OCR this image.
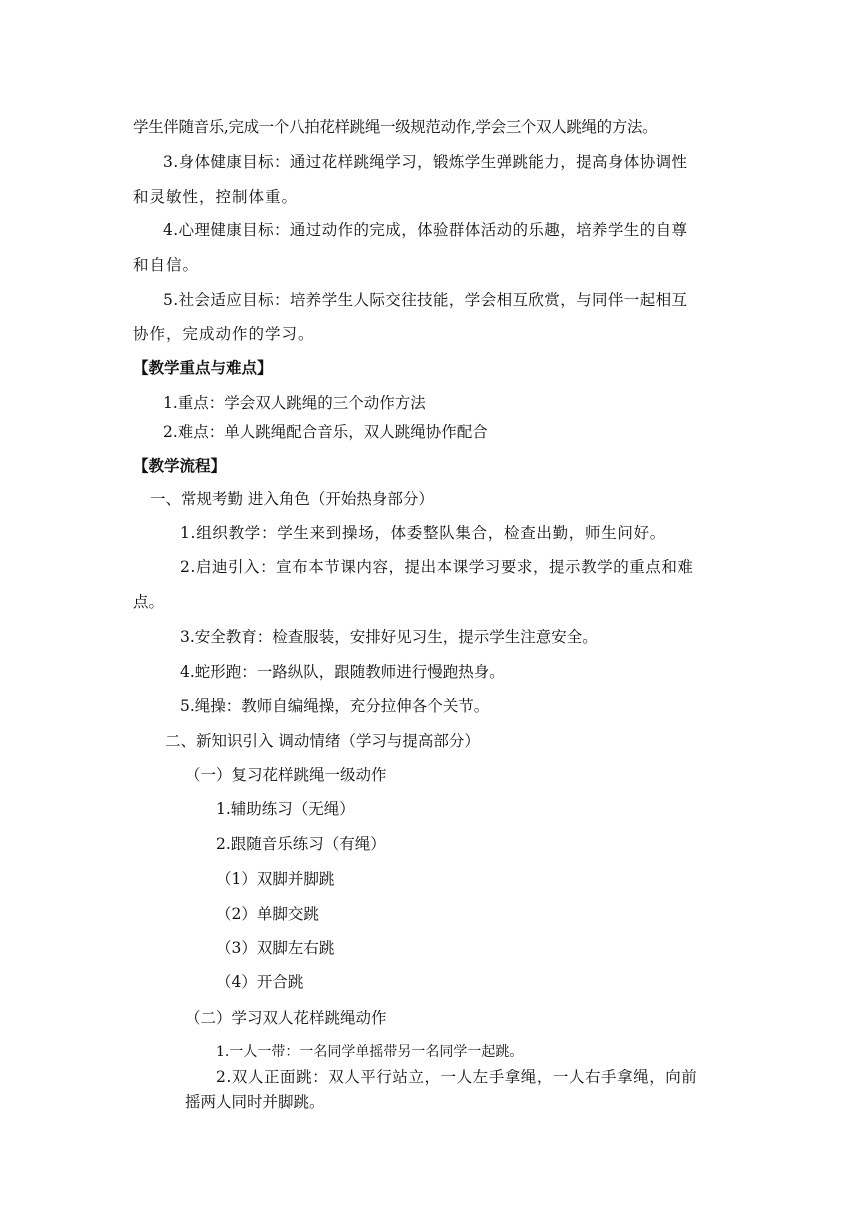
学生伴随音乐,完成一个八拍花样跳绳一级规范动作,学会三个双人跳绳的方法。
3.身体健康目标：通过花样跳绳学习，锻炼学生弹跳能力，提高身体协调性
和灵敏性，控制体重。
4.心理健康目标：通过动作的完成，体验群体活动的乐趣，培养学生的自尊
和自信。
5.社会适应目标：培养学生人际交往技能，学会相互欣赏，与同伴一起相互
协作，完成动作的学习。
【教学重点与难点】
1.重点：学会双人跳绳的三个动作方法
2.难点：单人跳绳配合音乐，双人跳绳协作配合
【教学流程】
一、常规考勤 进入角色（开始热身部分）
1.组织教学：学生来到操场，体委整队集合，检查出勤，师生问好。
2.启迪引入：宣布本节课内容，提出本课学习要求，提示教学的重点和难
点。
3.安全教育：检查服装，安排好见习生，提示学生注意安全。
4.蛇形跑：一路纵队，跟随教师进行慢跑热身。
5.绳操：教师自编绳操，充分拉伸各个关节。
二、新知识引入 调动情绪（学习与提高部分）
（一）复习花样跳绳一级动作
1.辅助练习（无绳）
2.跟随音乐练习（有绳）
（1）双脚并脚跳
（2）单脚交跳
（3）双脚左右跳
（4）开合跳
（二）学习双人花样跳绳动作
1.一人一带：一名同学单摇带另一名同学一起跳。
2.双人正面跳：双人平行站立，一人左手拿绳，一人右手拿绳，向前
摇两人同时并脚跳。
